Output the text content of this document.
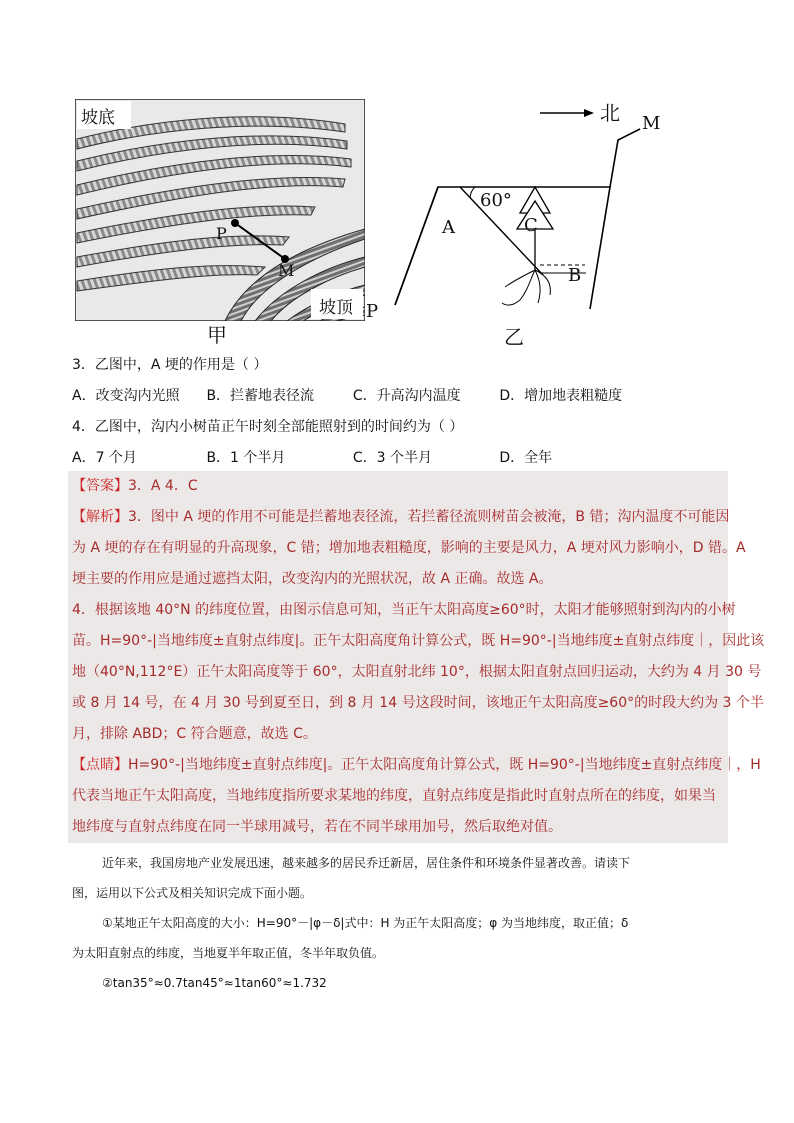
坡底
坡顶
P
M
甲
北 M
60°
A	C
B
P
乙
3．乙图中，A 埂的作用是（ ）
A．改变沟内光照 B．拦蓄地表径流	C．升高沟内温度	D．增加地表粗糙度
4．乙图中，沟内小树苗正午时刻全部能照射到的时间约为（ ）
A．7 个月	B．1 个半月	C．3 个半月	D．全年
【答案】3．A 4．C
【解析】3．图中 A 埂的作用不可能是拦蓄地表径流，若拦蓄径流则树苗会被淹，B 错；沟内温度不可能因
为 A 埂的存在有明显的升高现象，C 错；增加地表粗糙度，影响的主要是风力，A 埂对风力影响小，D 错。A
埂主要的作用应是通过遮挡太阳，改变沟内的光照状况，故 A 正确。故选 A。
4．根据该地 40°N 的纬度位置，由图示信息可知，当正午太阳高度≥60°时，太阳才能够照射到沟内的小树
苗。H=90°-|当地纬度±直射点纬度|。正午太阳高度角计算公式，既 H=90°-|当地纬度±直射点纬度｜，因此该
地（40°N,112°E）正午太阳高度等于 60°，太阳直射北纬 10°，根据太阳直射点回归运动，大约为 4 月 30 号
或 8 月 14 号，在 4 月 30 号到夏至日，到 8 月 14 号这段时间，该地正午太阳高度≥60°的时段大约为 3 个半
月，排除 ABD；C 符合题意，故选 C。
【点睛】H=90°-|当地纬度±直射点纬度|。正午太阳高度角计算公式，既 H=90°-|当地纬度±直射点纬度｜，H
代表当地正午太阳高度，当地纬度指所要求某地的纬度，直射点纬度是指此时直射点所在的纬度，如果当
地纬度与直射点纬度在同一半球用减号，若在不同半球用加号，然后取绝对值。

近年来，我国房地产业发展迅速，越来越多的居民乔迁新居，居住条件和环境条件显著改善。请读下

图，运用以下公式及相关知识完成下面小题。

①某地正午太阳高度的大小：H=90°－|φ－δ|式中：H 为正午太阳高度；φ 为当地纬度，取正值；δ

为太阳直射点的纬度，当地夏半年取正值，冬半年取负值。

②tan35°≈0.7tan45°≈1tan60°≈1.732
